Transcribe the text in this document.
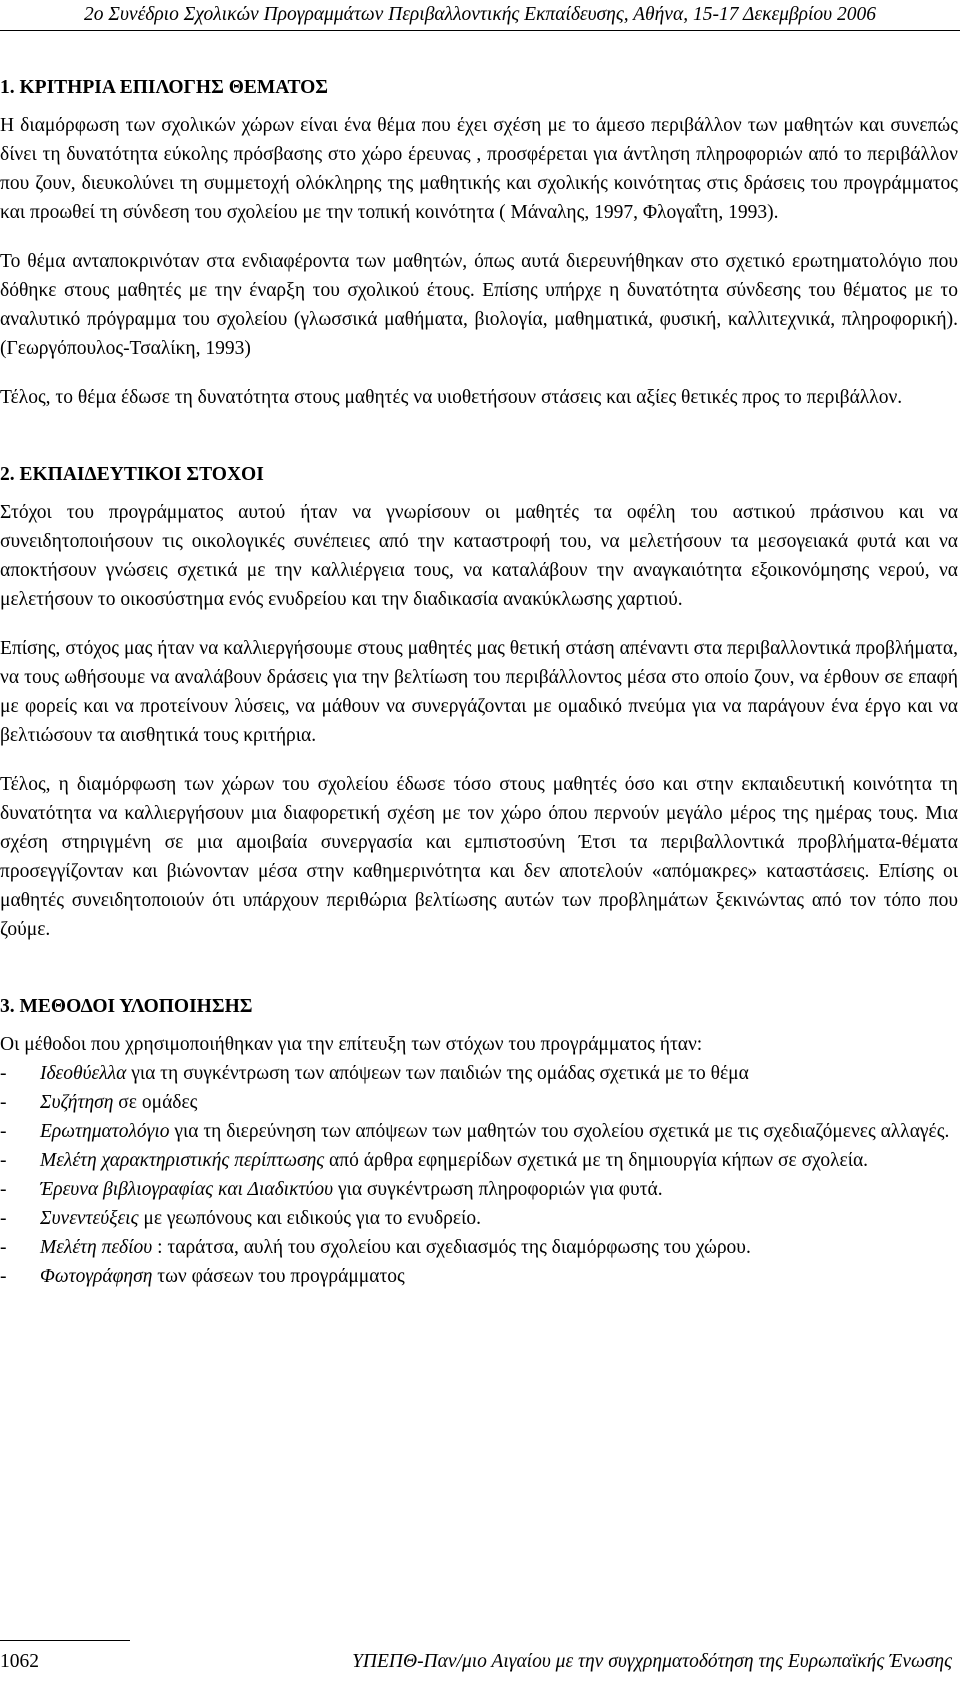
2ο Συνέδριο Σχολικών Προγραμμάτων Περιβαλλοντικής Εκπαίδευσης, Αθήνα, 15-17 Δεκεμβρίου 2006
1. ΚΡΙΤΗΡΙΑ ΕΠΙΛΟΓΗΣ ΘΕΜΑΤΟΣ

Η διαμόρφωση των σχολικών χώρων είναι ένα θέμα που έχει σχέση με το άμεσο περιβάλλον των μαθητών και συνεπώς δίνει τη δυνατότητα εύκολης πρόσβασης στο χώρο έρευνας , προσφέρεται για άντληση πληροφοριών από το περιβάλλον που ζουν, διευκολύνει τη συμμετοχή ολόκληρης της μαθητικής και σχολικής κοινότητας στις δράσεις του προγράμματος και προωθεί τη σύνδεση του σχολείου με την τοπική κοινότητα ( Μάναλης, 1997, Φλογαΐτη, 1993).

Το θέμα ανταποκρινόταν στα ενδιαφέροντα των μαθητών, όπως αυτά διερευνήθηκαν στο σχετικό ερωτηματολόγιο που δόθηκε στους μαθητές με την έναρξη του σχολικού έτους. Επίσης υπήρχε η δυνατότητα σύνδεσης του θέματος με το αναλυτικό πρόγραμμα του σχολείου (γλωσσικά μαθήματα, βιολογία, μαθηματικά, φυσική, καλλιτεχνικά, πληροφορική). (Γεωργόπουλος-Τσαλίκη, 1993)

Τέλος, το θέμα έδωσε τη δυνατότητα στους μαθητές να υιοθετήσουν στάσεις και αξίες θετικές προς το περιβάλλον.

2. ΕΚΠΑΙΔΕΥΤΙΚΟΙ ΣΤΟΧΟΙ

Στόχοι του προγράμματος αυτού ήταν να γνωρίσουν οι μαθητές τα οφέλη του αστικού πράσινου και να συνειδητοποιήσουν τις οικολογικές συνέπειες από την καταστροφή του, να μελετήσουν τα μεσογειακά φυτά και να αποκτήσουν γνώσεις σχετικά με την καλλιέργεια τους, να καταλάβουν την αναγκαιότητα εξοικονόμησης νερού, να μελετήσουν το οικοσύστημα ενός ενυδρείου και την διαδικασία ανακύκλωσης χαρτιού.

Επίσης, στόχος μας ήταν να καλλιεργήσουμε στους μαθητές μας θετική στάση απέναντι στα περιβαλλοντικά προβλήματα, να τους ωθήσουμε να αναλάβουν δράσεις για την βελτίωση του περιβάλλοντος μέσα στο οποίο ζουν, να έρθουν σε επαφή με φορείς και να προτείνουν λύσεις, να μάθουν να συνεργάζονται με ομαδικό πνεύμα για να παράγουν ένα έργο και να βελτιώσουν τα αισθητικά τους κριτήρια.

Τέλος, η διαμόρφωση των χώρων του σχολείου έδωσε τόσο στους μαθητές όσο και στην εκπαιδευτική κοινότητα τη δυνατότητα να καλλιεργήσουν μια διαφορετική σχέση με τον χώρο όπου περνούν μεγάλο μέρος της ημέρας τους. Μια σχέση στηριγμένη σε μια αμοιβαία συνεργασία και εμπιστοσύνη Έτσι τα περιβαλλοντικά προβλήματα-θέματα προσεγγίζονταν και βιώνονταν μέσα στην καθημερινότητα και δεν αποτελούν «απόμακρες» καταστάσεις. Επίσης οι μαθητές συνειδητοποιούν ότι υπάρχουν περιθώρια βελτίωσης αυτών των προβλημάτων ξεκινώντας από τον τόπο που ζούμε.

3. ΜΕΘΟΔΟΙ ΥΛΟΠΟΙΗΣΗΣ
Οι μέθοδοι που χρησιμοποιήθηκαν για την επίτευξη των στόχων του προγράμματος ήταν:
- Ιδεοθύελλα για τη συγκέντρωση των απόψεων των παιδιών της ομάδας σχετικά με το θέμα
- Συζήτηση σε ομάδες
- Ερωτηματολόγιο για τη διερεύνηση των απόψεων των μαθητών του σχολείου σχετικά με τις σχεδιαζόμενες αλλαγές.
- Μελέτη χαρακτηριστικής περίπτωσης από άρθρα εφημερίδων σχετικά με τη δημιουργία κήπων σε σχολεία.
- Έρευνα βιβλιογραφίας και Διαδικτύου για συγκέντρωση πληροφοριών για φυτά.
- Συνεντεύξεις με γεωπόνους και ειδικούς για το ενυδρείο.
- Μελέτη πεδίου : ταράτσα, αυλή του σχολείου και σχεδιασμός της διαμόρφωσης του χώρου.
- Φωτογράφηση των φάσεων του προγράμματος
1062	ΥΠΕΠΘ-Παν/μιο Αιγαίου με την συγχρηματοδότηση της Ευρωπαϊκής Ένωσης
